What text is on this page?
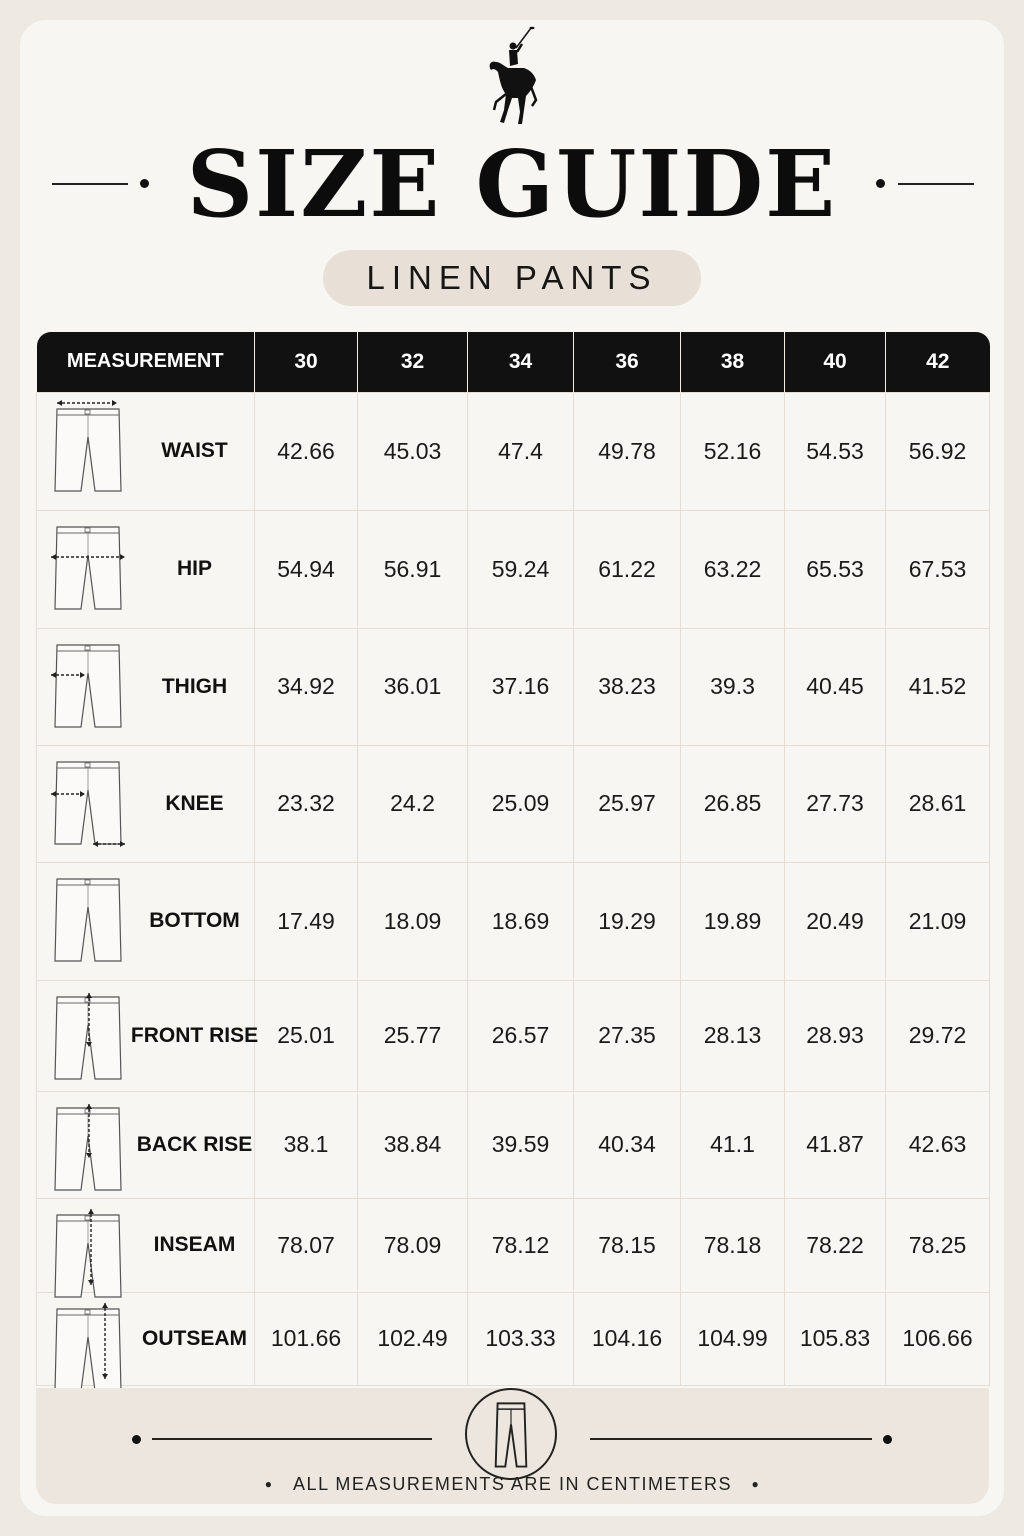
SIZE GUIDE
LINEN PANTS
MEASUREMENT	30	32	34	36	38	40	42

WAIST	42.66	45.03	47.4	49.78	52.16	54.53	56.92

HIP	54.94	56.91	59.24	61.22	63.22	65.53	67.53

THIGH	34.92	36.01	37.16	38.23	39.3	40.45	41.52

KNEE	23.32	24.2	25.09	25.97	26.85	27.73	28.61

BOTTOM	17.49	18.09	18.69	19.29	19.89	20.49	21.09

FRONT RISE	25.01	25.77	26.57	27.35	28.13	28.93	29.72

BACK RISE	38.1	38.84	39.59	40.34	41.1	41.87	42.63

INSEAM	78.07	78.09	78.12	78.15	78.18	78.22	78.25

OUTSEAM	101.66	102.49	103.33	104.16	104.99	105.83	106.66
● ALL MEASUREMENTS ARE IN CENTIMETERS ●
